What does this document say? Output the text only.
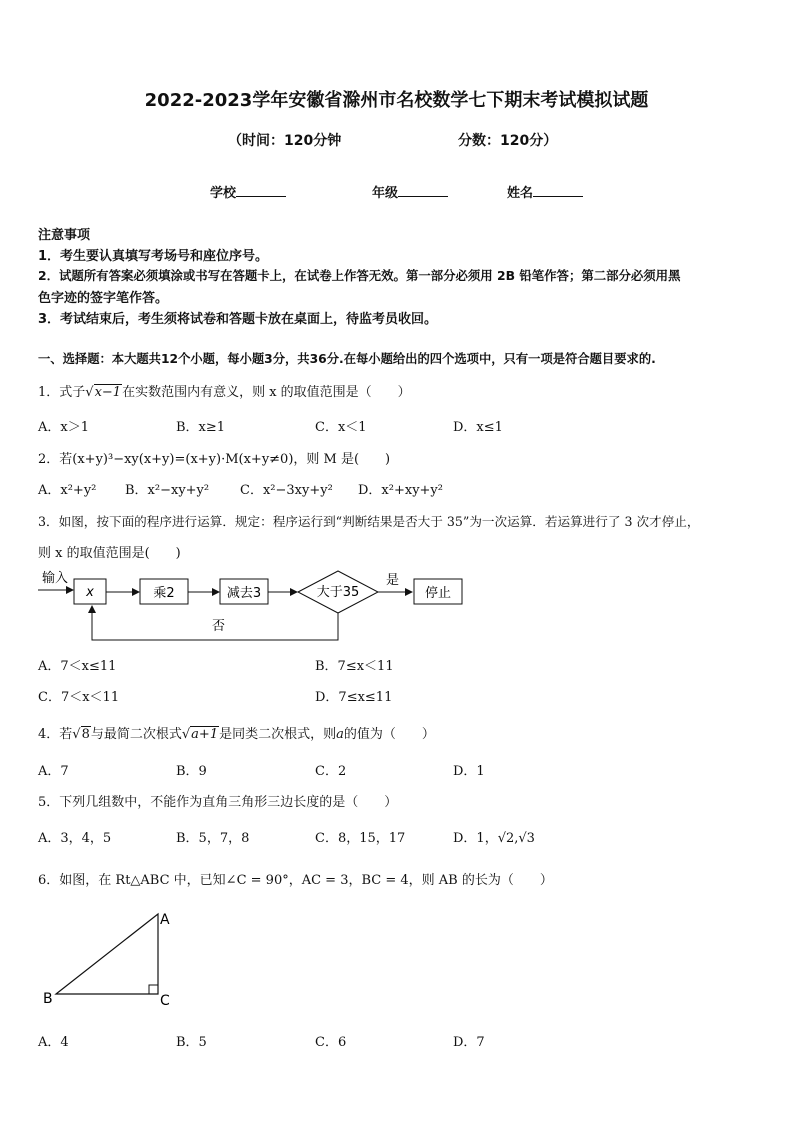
2022-2023学年安徽省滁州市名校数学七下期末考试模拟试题
（时间：120分钟	分数：120分）
学校	年级	姓名
注意事项
1．考生要认真填写考场号和座位序号。
2．试题所有答案必须填涂或书写在答题卡上，在试卷上作答无效。第一部分必须用 2B 铅笔作答；第二部分必须用黑
色字迹的签字笔作答。
3．考试结束后，考生须将试卷和答题卡放在桌面上，待监考员收回。
一、选择题：本大题共12个小题，每小题3分，共36分.在每小题给出的四个选项中，只有一项是符合题目要求的.
1．式子√x−1在实数范围内有意义，则 x 的取值范围是（　　）
A．x＞1	B．x≥1	C．x＜1	D．x≤1
2．若(x+y)³−xy(x+y)=(x+y)·M(x+y≠0)，则 M 是(　　)
A．x²+y² B．x²−xy+y² C．x²−3xy+y² D．x²+xy+y²
3．如图，按下面的程序进行运算．规定：程序运行到“判断结果是否大于 35”为一次运算．若运算进行了 3 次才停止，
则 x 的取值范围是(　　)
输入
x	乘2	减去3	大于35
是
停止
否
A．7＜x≤11	B．7≤x＜11
C．7＜x＜11	D．7≤x≤11
4．若√8与最简二次根式√a+1是同类二次根式，则a的值为（　　）
A．7	B．9	C．2	D．1
5．下列几组数中，不能作为直角三角形三边长度的是（　　）
A．3，4，5	B．5，7，8	C．8，15，17	D．1，√2,√3
6．如图，在 Rt△ABC 中，已知∠C = 90°，AC = 3，BC = 4，则 AB 的长为（　　）
A
B	C
A．4	B．5	C．6	D．7
